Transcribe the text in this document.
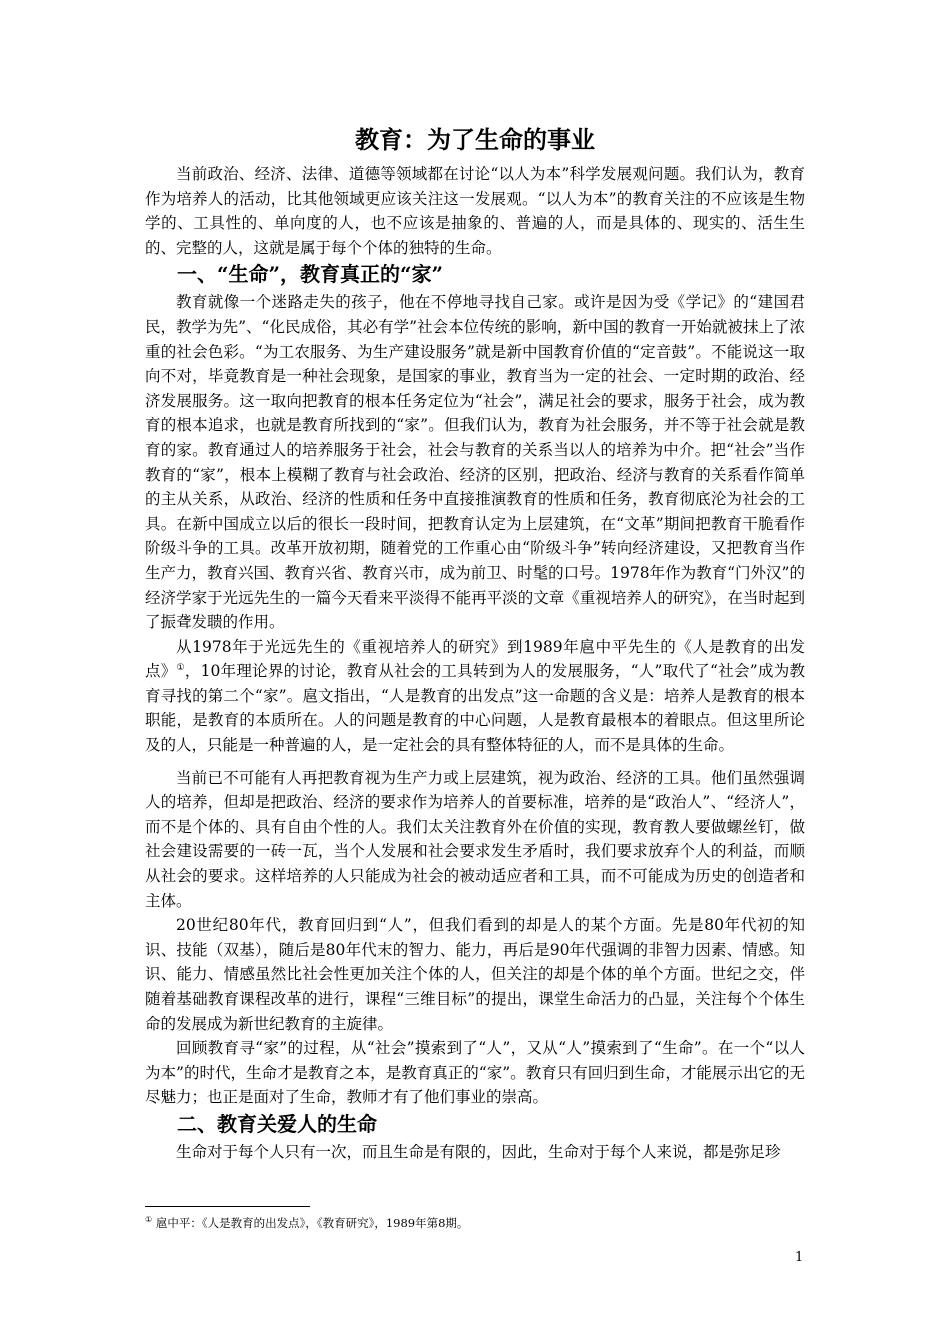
教育：为了生命的事业

当前政治、经济、法律、道德等领域都在讨论“以人为本”科学发展观问题。我们认为，教育作为培养人的活动，比其他领域更应该关注这一发展观。“以人为本”的教育关注的不应该是生物学的、工具性的、单向度的人，也不应该是抽象的、普遍的人，而是具体的、现实的、活生生的、完整的人，这就是属于每个个体的独特的生命。

一、“生命”，教育真正的“家”

教育就像一个迷路走失的孩子，他在不停地寻找自己家。或许是因为受《学记》的“建国君民，教学为先”、“化民成俗，其必有学”社会本位传统的影响，新中国的教育一开始就被抹上了浓重的社会色彩。“为工农服务、为生产建设服务”就是新中国教育价值的“定音鼓”。不能说这一取向不对，毕竟教育是一种社会现象，是国家的事业，教育当为一定的社会、一定时期的政治、经济发展服务。这一取向把教育的根本任务定位为“社会”，满足社会的要求，服务于社会，成为教育的根本追求，也就是教育所找到的“家”。但我们认为，教育为社会服务，并不等于社会就是教育的家。教育通过人的培养服务于社会，社会与教育的关系当以人的培养为中介。把“社会”当作教育的“家”，根本上模糊了教育与社会政治、经济的区别，把政治、经济与教育的关系看作简单的主从关系，从政治、经济的性质和任务中直接推演教育的性质和任务，教育彻底沦为社会的工具。在新中国成立以后的很长一段时间，把教育认定为上层建筑，在“文革”期间把教育干脆看作阶级斗争的工具。改革开放初期，随着党的工作重心由“阶级斗争”转向经济建设，又把教育当作生产力，教育兴国、教育兴省、教育兴市，成为前卫、时髦的口号。1978年作为教育“门外汉”的经济学家于光远先生的一篇今天看来平淡得不能再平淡的文章《重视培养人的研究》，在当时起到了振聋发聩的作用。

从1978年于光远先生的《重视培养人的研究》到1989年扈中平先生的《人是教育的出发点》①，10年理论界的讨论，教育从社会的工具转到为人的发展服务，“人”取代了“社会”成为教育寻找的第二个“家”。扈文指出，“人是教育的出发点”这一命题的含义是：培养人是教育的根本职能，是教育的本质所在。人的问题是教育的中心问题，人是教育最根本的着眼点。但这里所论及的人，只能是一种普遍的人，是一定社会的具有整体特征的人，而不是具体的生命。

当前已不可能有人再把教育视为生产力或上层建筑，视为政治、经济的工具。他们虽然强调人的培养，但却是把政治、经济的要求作为培养人的首要标准，培养的是“政治人”、“经济人”，而不是个体的、具有自由个性的人。我们太关注教育外在价值的实现，教育教人要做螺丝钉，做社会建设需要的一砖一瓦，当个人发展和社会要求发生矛盾时，我们要求放弃个人的利益，而顺从社会的要求。这样培养的人只能成为社会的被动适应者和工具，而不可能成为历史的创造者和主体。

20世纪80年代，教育回归到“人”，但我们看到的却是人的某个方面。先是80年代初的知识、技能（双基），随后是80年代末的智力、能力，再后是90年代强调的非智力因素、情感。知识、能力、情感虽然比社会性更加关注个体的人，但关注的却是个体的单个方面。世纪之交，伴随着基础教育课程改革的进行，课程“三维目标”的提出，课堂生命活力的凸显，关注每个个体生命的发展成为新世纪教育的主旋律。

回顾教育寻“家”的过程，从“社会”摸索到了“人”，又从“人”摸索到了“生命”。在一个“以人为本”的时代，生命才是教育之本，是教育真正的“家”。教育只有回归到生命，才能展示出它的无尽魅力；也正是面对了生命，教师才有了他们事业的崇高。

二、教育关爱人的生命

生命对于每个人只有一次，而且生命是有限的，因此，生命对于每个人来说，都是弥足珍

① 扈中平：《人是教育的出发点》，《教育研究》，1989年第8期。
1
